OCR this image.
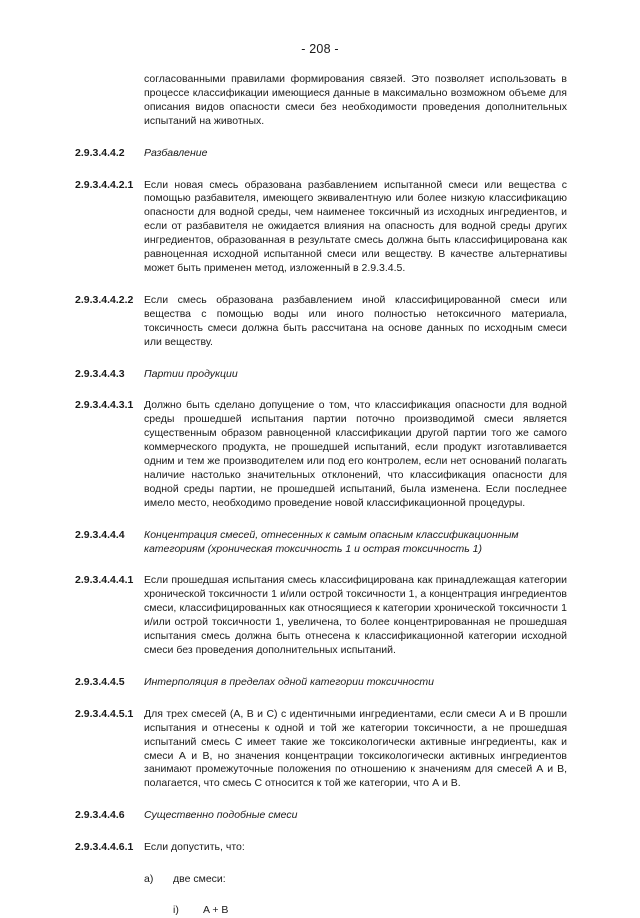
- 208 -
согласованными правилами формирования связей. Это позволяет использовать в процессе классификации имеющиеся данные в максимально возможном объеме для описания видов опасности смеси без необходимости проведения дополнительных испытаний на животных.
2.9.3.4.4.2	Разбавление
2.9.3.4.4.2.1	Если новая смесь образована разбавлением испытанной смеси или вещества с помощью разбавителя, имеющего эквивалентную или более низкую классификацию опасности для водной среды, чем наименее токсичный из исходных ингредиентов, и если от разбавителя не ожидается влияния на опасность для водной среды других ингредиентов, образованная в результате смесь должна быть классифицирована как равноценная исходной испытанной смеси или веществу. В качестве альтернативы может быть применен метод, изложенный в 2.9.3.4.5.
2.9.3.4.4.2.2	Если смесь образована разбавлением иной классифицированной смеси или вещества с помощью воды или иного полностью нетоксичного материала, токсичность смеси должна быть рассчитана на основе данных по исходным смеси или веществу.
2.9.3.4.4.3	Партии продукции
2.9.3.4.4.3.1	Должно быть сделано допущение о том, что классификация опасности для водной среды прошедшей испытания партии поточно производимой смеси является существенным образом равноценной классификации другой партии того же самого коммерческого продукта, не прошедшей испытаний, если продукт изготавливается одним и тем же производителем или под его контролем, если нет оснований полагать наличие настолько значительных отклонений, что классификация опасности для водной среды партии, не прошедшей испытаний, была изменена. Если последнее имело место, необходимо проведение новой классификационной процедуры.
2.9.3.4.4.4	Концентрация смесей, отнесенных к самым опасным классификационным категориям (хроническая токсичность 1 и острая токсичность 1)
2.9.3.4.4.4.1	Если прошедшая испытания смесь классифицирована как принадлежащая категории хронической токсичности 1 и/или острой токсичности 1, а концентрация ингредиентов смеси, классифицированных как относящиеся к категории хронической токсичности 1 и/или острой токсичности 1, увеличена, то более концентрированная не прошедшая испытания смесь должна быть отнесена к классификационной категории исходной смеси без проведения дополнительных испытаний.
2.9.3.4.4.5	Интерполяция в пределах одной категории токсичности
2.9.3.4.4.5.1	Для трех смесей (А, В и С) с идентичными ингредиентами, если смеси А и В прошли испытания и отнесены к одной и той же категории токсичности, а не прошедшая испытаний смесь С имеет такие же токсикологически активные ингредиенты, как и смеси А и В, но значения концентрации токсикологически активных ингредиентов занимают промежуточные положения по отношению к значениям для смесей А и В, полагается, что смесь С относится к той же категории, что А и В.
2.9.3.4.4.6	Существенно подобные смеси
2.9.3.4.4.6.1	Если допустить, что:
a) две смеси:
i) A + B
